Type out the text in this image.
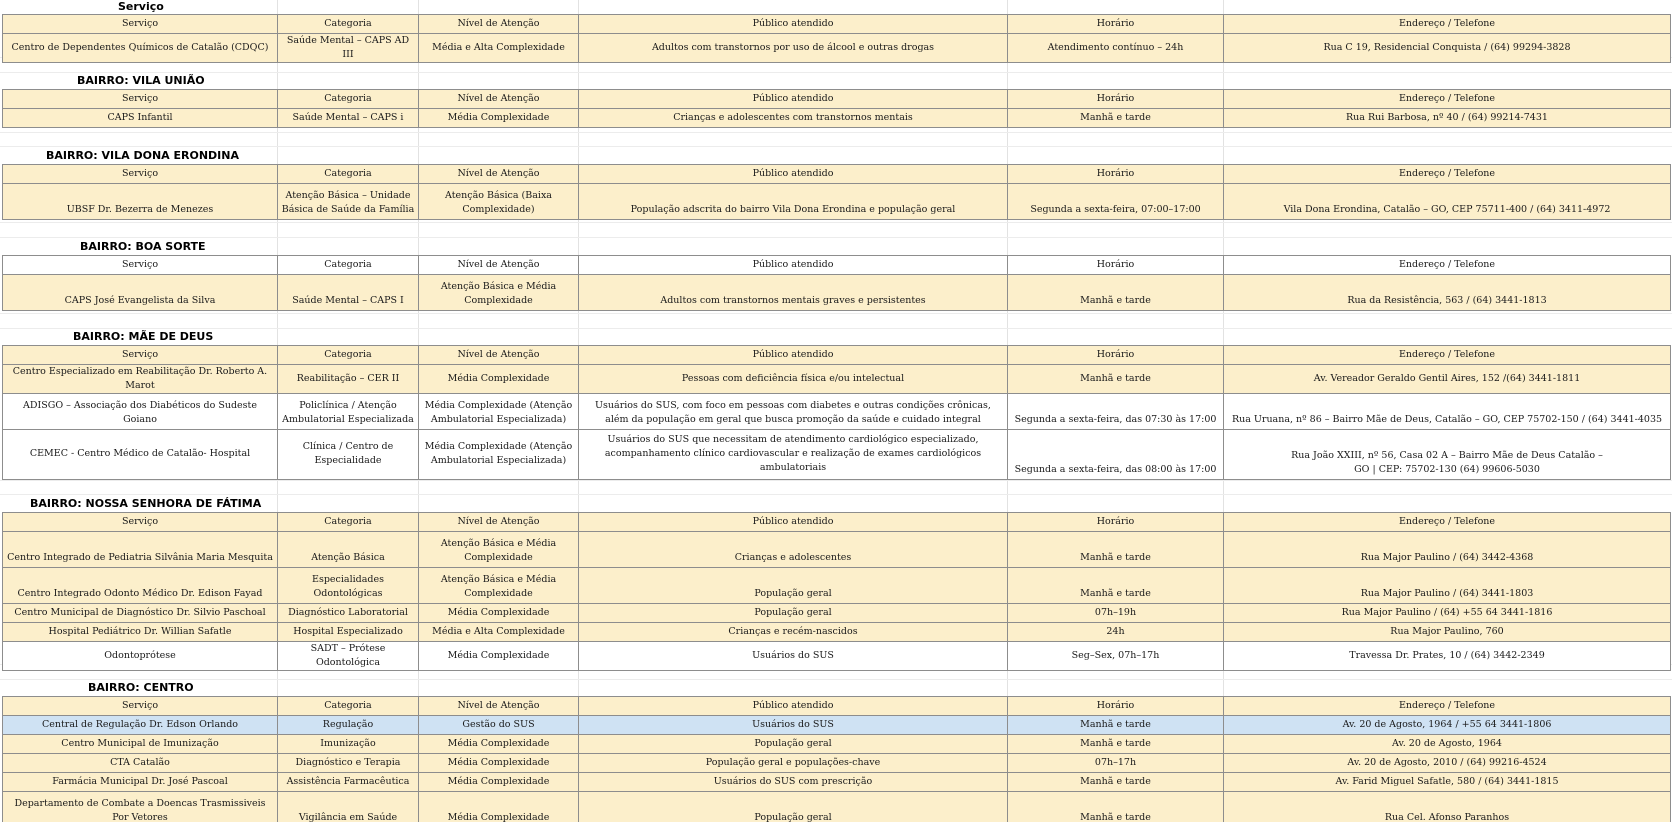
Serviço
Serviço	Categoria	Nível de Atenção	Público atendido	Horário	Endereço / Telefone
Centro de Dependentes Químicos de Catalão (CDQC)	Saúde Mental – CAPS AD III	Média e Alta Complexidade	Adultos com transtornos por uso de álcool e outras drogas	Atendimento contínuo – 24h	Rua C 19, Residencial Conquista / (64) 99294-3828
BAIRRO: VILA UNIÃO
Serviço	Categoria	Nível de Atenção	Público atendido	Horário	Endereço / Telefone
CAPS Infantil	Saúde Mental – CAPS i	Média Complexidade	Crianças e adolescentes com transtornos mentais	Manhã e tarde	Rua Rui Barbosa, nº 40 / (64) 99214-7431
BAIRRO: VILA DONA ERONDINA
Serviço	Categoria	Nível de Atenção	Público atendido	Horário	Endereço / Telefone
UBSF Dr. Bezerra de Menezes	Atenção Básica – Unidade Básica de Saúde da Família	Atenção Básica (Baixa Complexidade)	População adscrita do bairro Vila Dona Erondina e população geral	Segunda a sexta-feira, 07:00–17:00	Vila Dona Erondina, Catalão – GO, CEP 75711-400 / (64) 3411-4972
BAIRRO: BOA SORTE
Serviço	Categoria	Nível de Atenção	Público atendido	Horário	Endereço / Telefone
CAPS José Evangelista da Silva	Saúde Mental – CAPS I	Atenção Básica e Média Complexidade	Adultos com transtornos mentais graves e persistentes	Manhã e tarde	Rua da Resistência, 563 / (64) 3441-1813
BAIRRO: MÃE DE DEUS
Serviço	Categoria	Nível de Atenção	Público atendido	Horário	Endereço / Telefone
Centro Especializado em Reabilitação Dr. Roberto A. Marot	Reabilitação – CER II	Média Complexidade	Pessoas com deficiência física e/ou intelectual	Manhã e tarde	Av. Vereador Geraldo Gentil Aires, 152 /(64) 3441-1811
ADISGO – Associação dos Diabéticos do Sudeste Goiano	Policlínica / Atenção Ambulatorial Especializada	Média Complexidade (Atenção Ambulatorial Especializada)	Usuários do SUS, com foco em pessoas com diabetes e outras condições crônicas, além da população em geral que busca promoção da saúde e cuidado integral	Segunda a sexta-feira, das 07:30 às 17:00	Rua Uruana, nº 86 – Bairro Mãe de Deus, Catalão – GO, CEP 75702-150 / (64) 3441-4035
CEMEC - Centro Médico de Catalão- Hospital	Clínica / Centro de Especialidade	Média Complexidade (Atenção Ambulatorial Especializada)	Usuários do SUS que necessitam de atendimento cardiológico especializado, acompanhamento clínico cardiovascular e realização de exames cardiológicos ambulatoriais	Segunda a sexta-feira, das 08:00 às 17:00	Rua João XXIII, nº 56, Casa 02 A – Bairro Mãe de Deus Catalão – GO | CEP: 75702-130 (64) 99606-5030
BAIRRO: NOSSA SENHORA DE FÁTIMA
Serviço	Categoria	Nível de Atenção	Público atendido	Horário	Endereço / Telefone
Centro Integrado de Pediatria Silvânia Maria Mesquita	Atenção Básica	Atenção Básica e Média Complexidade	Crianças e adolescentes	Manhã e tarde	Rua Major Paulino / (64) 3442-4368
Centro Integrado Odonto Médico Dr. Edison Fayad	Especialidades Odontológicas	Atenção Básica e Média Complexidade	População geral	Manhã e tarde	Rua Major Paulino / (64) 3441-1803
Centro Municipal de Diagnóstico Dr. Silvio Paschoal	Diagnóstico Laboratorial	Média Complexidade	População geral	07h–19h	Rua Major Paulino / (64) +55 64 3441-1816
Hospital Pediátrico Dr. Willian Safatle	Hospital Especializado	Média e Alta Complexidade	Crianças e recém-nascidos	24h	Rua Major Paulino, 760
Odontoprótese	SADT – Prótese Odontológica	Média Complexidade	Usuários do SUS	Seg–Sex, 07h–17h	Travessa Dr. Prates, 10 / (64) 3442-2349
BAIRRO: CENTRO
Serviço	Categoria	Nível de Atenção	Público atendido	Horário	Endereço / Telefone
Central de Regulação Dr. Edson Orlando	Regulação	Gestão do SUS	Usuários do SUS	Manhã e tarde	Av. 20 de Agosto, 1964 / +55 64 3441-1806
Centro Municipal de Imunização	Imunização	Média Complexidade	População geral	Manhã e tarde	Av. 20 de Agosto, 1964
CTA Catalão	Diagnóstico e Terapia	Média Complexidade	População geral e populações-chave	07h–17h	Av. 20 de Agosto, 2010 / (64) 99216-4524
Farmácia Municipal Dr. José Pascoal	Assistência Farmacêutica	Média Complexidade	Usuários do SUS com prescrição	Manhã e tarde	Av. Farid Miguel Safatle, 580 / (64) 3441-1815
Departamento de Combate a Doencas Trasmissiveis Por Vetores	Vigilância em Saúde	Média Complexidade	População geral	Manhã e tarde	Rua Cel. Afonso Paranhos
